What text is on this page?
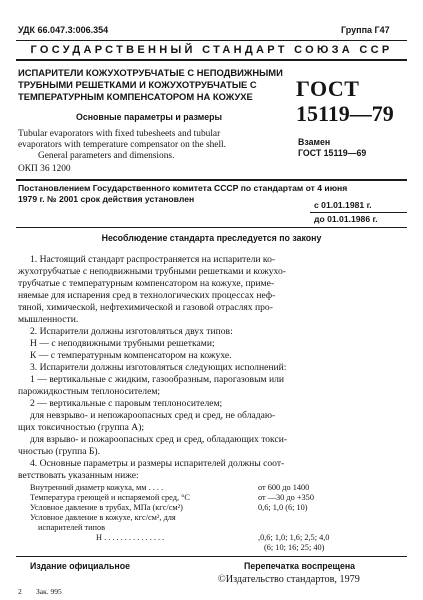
УДК 66.047.3:006.354	Группа Г47
ГОСУДАРСТВЕННЫЙ СТАНДАРТ СОЮЗА ССР
ИСПАРИТЕЛИ КОЖУХОТРУБЧАТЫЕ С НЕПОДВИЖНЫМИ
ТРУБНЫМИ РЕШЕТКАМИ И КОЖУХОТРУБЧАТЫЕ С
ТЕМПЕРАТУРНЫМ КОМПЕНСАТОРОМ НА КОЖУХЕ
Основные параметры и размеры
Tubular evaporators with fixed tubesheets and tubular
evaporators with temperature compensator on the shell.
General parameters and dimensions.
ОКП 36 1200
ГОСТ
15119—79
Взамен
ГОСТ 15119—69
Постановлением Государственного комитета СССР по стандартам от 4 июня
1979 г. № 2001 срок действия установлен
с 01.01.1981 г.
до 01.01.1986 г.
Несоблюдение стандарта преследуется по закону
1. Настоящий стандарт распространяется на испарители ко-
жухотрубчатые с неподвижными трубными решетками и кожухо-
трубчатые с температурным компенсатором на кожухе, приме-
няемые для испарения сред в технологических процессах неф-
тяной, химической, нефтехимической и газовой отраслях про-
мышленности.
2. Испарители должны изготовляться двух типов:
Н — с неподвижными трубными решетками;
К — с температурным компенсатором на кожухе.
3. Испарители должны изготовляться следующих исполнений:
1 — вертикальные с жидким, газообразным, парогазовым или
парожидкостным теплоносителем;
2 — вертикальные с паровым теплоносителем;
для невзрыво- и непожароопасных сред и сред, не обладаю-
щих токсичностью (группа А);
для взрыво- и пожароопасных сред и сред, обладающих токси-
чностью (группа Б).
4. Основные параметры и размеры испарителей должны соот-
ветствовать указанным ниже:
Внутренний диаметр кожуха, мм . . . .	от 600 до 1400
Температура греющей и испаряемой сред, °С	от —30 до +350
Условное давление в трубах, МПа (кгс/см²)	0,6; 1,0 (6; 10)
Условное давление в кожухе, кгс/см², для
испарителей типов
Н . . . . . . . . . . . . . . .	,0,6; 1,0; 1,6; 2,5; 4,0
(6; 10; 16; 25; 40)
Издание официальное	Перепечатка воспрещена
©Издательство стандартов, 1979
2 Зак. 995
